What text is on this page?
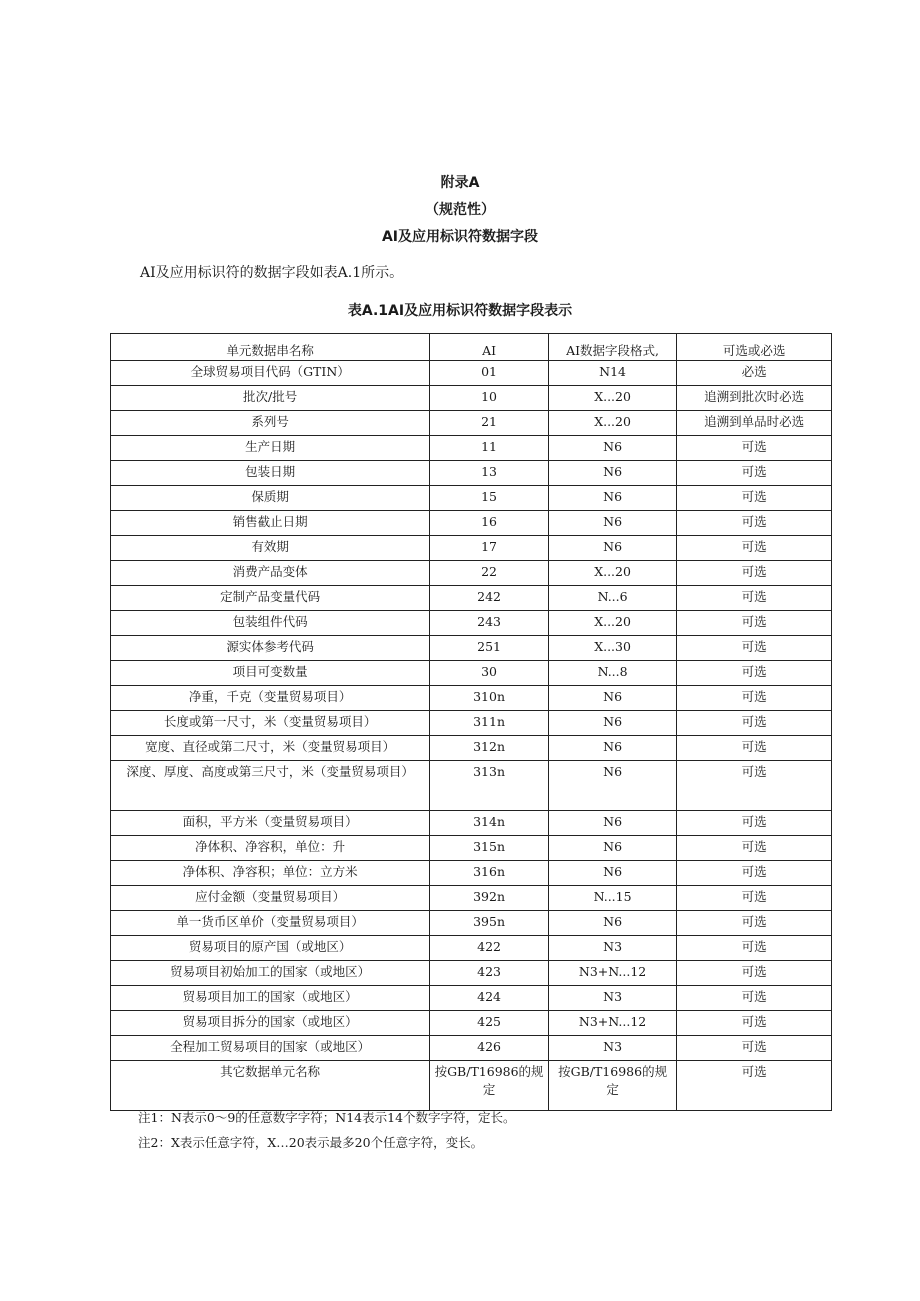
附录A
（规范性）
AI及应用标识符数据字段
AI及应用标识符的数据字段如表A.1所示。
表A.1AI及应用标识符数据字段表示
单元数据串名称	AI	AI数据字段格式,	可选或必选
全球贸易项目代码（GTIN）	01	N14	必选
批次/批号	10	X...20	追溯到批次时必选
系列号	21	X...20	追溯到单品时必选
生产日期	11	N6	可选
包装日期	13	N6	可选
保质期	15	N6	可选
销售截止日期	16	N6	可选
有效期	17	N6	可选
消费产品变体	22	X...20	可选
定制产品变量代码	242	N...6	可选
包装组件代码	243	X...20	可选
源实体参考代码	251	X...30	可选
项目可变数量	30	N...8	可选
净重，千克（变量贸易项目）	310n	N6	可选
长度或第一尺寸，米（变量贸易项目）	311n	N6	可选
宽度、直径或第二尺寸，米（变量贸易项目）	312n	N6	可选
深度、厚度、高度或第三尺寸，米（变量贸易项目）	313n	N6	可选
面积，平方米（变量贸易项目）	314n	N6	可选
净体积、净容积，单位：升	315n	N6	可选
净体积、净容积；单位：立方米	316n	N6	可选
应付金额（变量贸易项目）	392n	N...15	可选
单一货币区单价（变量贸易项目）	395n	N6	可选
贸易项目的原产国（或地区）	422	N3	可选
贸易项目初始加工的国家（或地区）	423	N3+N...12	可选
贸易项目加工的国家（或地区）	424	N3	可选
贸易项目拆分的国家（或地区）	425	N3+N...12	可选
全程加工贸易项目的国家（或地区）	426	N3	可选
其它数据单元名称	按GB/T16986的规定	按GB/T16986的规定	可选
注1：N表示0～9的任意数字字符；N14表示14个数字字符，定长。
注2：X表示任意字符，X…20表示最多20个任意字符，变长。
